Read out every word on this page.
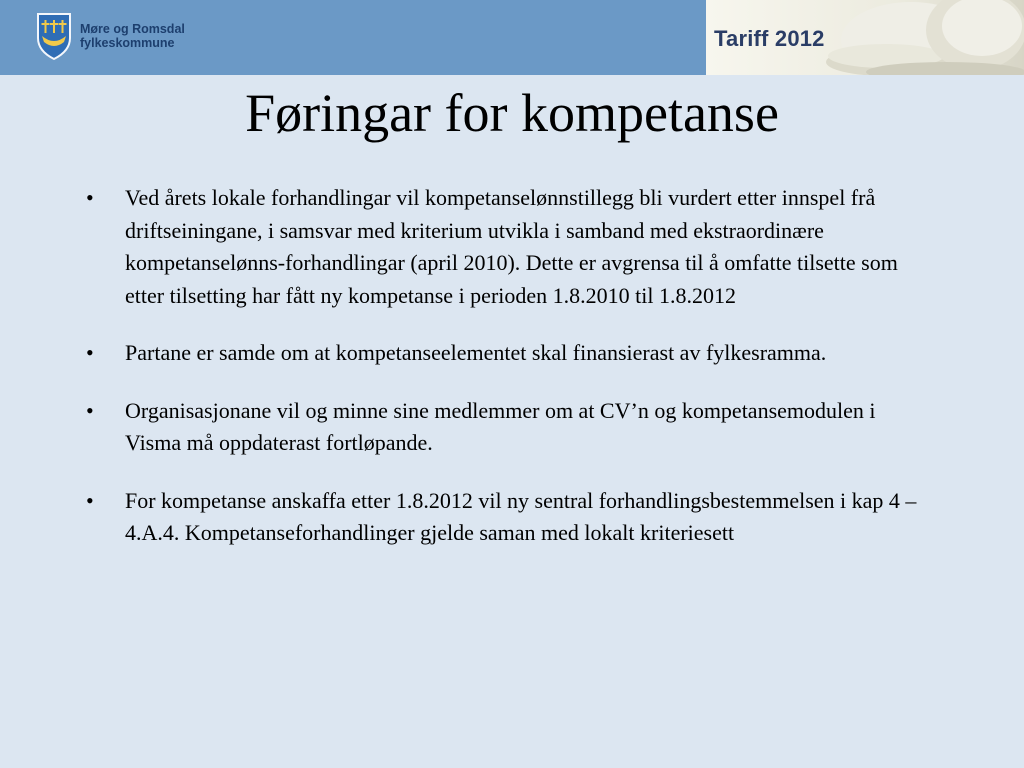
Møre og Romsdal
fylkeskommune	Tariff 2012
Føringar for kompetanse
• Ved årets lokale forhandlingar vil kompetanselønnstillegg bli vurdert etter innspel frå driftseiningane, i samsvar med kriterium utvikla i samband med ekstraordinære kompetanselønns-forhandlingar (april 2010). Dette er avgrensa til å omfatte tilsette som etter tilsetting har fått ny kompetanse i perioden 1.8.2010 til 1.8.2012
• Partane er samde om at kompetanseelementet skal finansierast av fylkesramma.
• Organisasjonane vil og minne sine medlemmer om at CV’n og kompetansemodulen i Visma må oppdaterast fortløpande.
• For kompetanse anskaffa etter 1.8.2012 vil ny sentral forhandlingsbestemmelsen i kap 4 – 4.A.4. Kompetanseforhandlinger gjelde saman med lokalt kriteriesett
